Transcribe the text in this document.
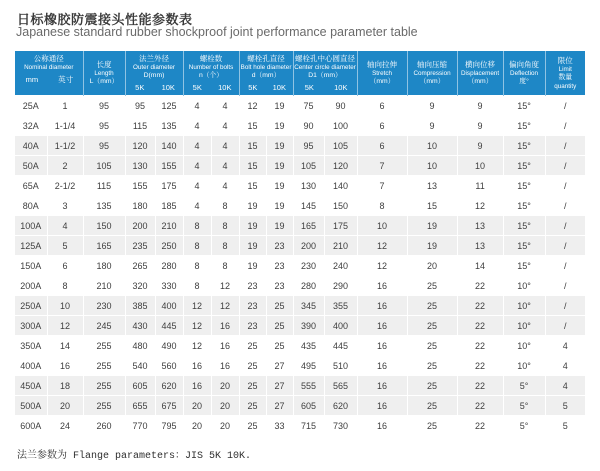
日标橡胶防震接头性能参数表
Japanese standard rubber shockproof joint performance parameter table
公称通径
Nominal diameter
mm	英寸

长度
Length
L（mm）

法兰外径
Outer diameter
D(mm)
5K	10K

螺栓数
Number of bolts
n（个）
5K	10K

螺栓孔直径
Bolt hole diameter
d（mm）
5K	10K

螺栓孔中心圆直径
Center circle diameter
D1（mm）
5K	10K

轴向拉伸
Stretch
（mm）

轴向压缩
Compression
（mm）

横向位移
Displacement
（mm）

偏向角度
Deflection
度°

限位
Limit
数量
quantity

25A	1	95	95	125	4	4	12	19	75	90	6	9	9	15°	/
32A	1-1/4	95	115	135	4	4	15	19	90	100	6	9	9	15°	/
40A	1-1/2	95	120	140	4	4	15	19	95	105	6	10	9	15°	/
50A	2	105	130	155	4	4	15	19	105	120	7	10	10	15°	/
65A	2-1/2	115	155	175	4	4	15	19	130	140	7	13	11	15°	/
80A	3	135	180	185	4	8	19	19	145	150	8	15	12	15°	/
100A	4	150	200	210	8	8	19	19	165	175	10	19	13	15°	/
125A	5	165	235	250	8	8	19	23	200	210	12	19	13	15°	/
150A	6	180	265	280	8	8	19	23	230	240	12	20	14	15°	/
200A	8	210	320	330	8	12	23	23	280	290	16	25	22	10°	/
250A	10	230	385	400	12	12	23	25	345	355	16	25	22	10°	/
300A	12	245	430	445	12	16	23	25	390	400	16	25	22	10°	/
350A	14	255	480	490	12	16	25	25	435	445	16	25	22	10°	4
400A	16	255	540	560	16	16	25	27	495	510	16	25	22	10°	4
450A	18	255	605	620	16	20	25	27	555	565	16	25	22	5°	4
500A	20	255	655	675	20	20	25	27	605	620	16	25	22	5°	5
600A	24	260	770	795	20	20	25	33	715	730	16	25	22	5°	5
法兰参数为 Flange parameters：JIS 5K 10K.
